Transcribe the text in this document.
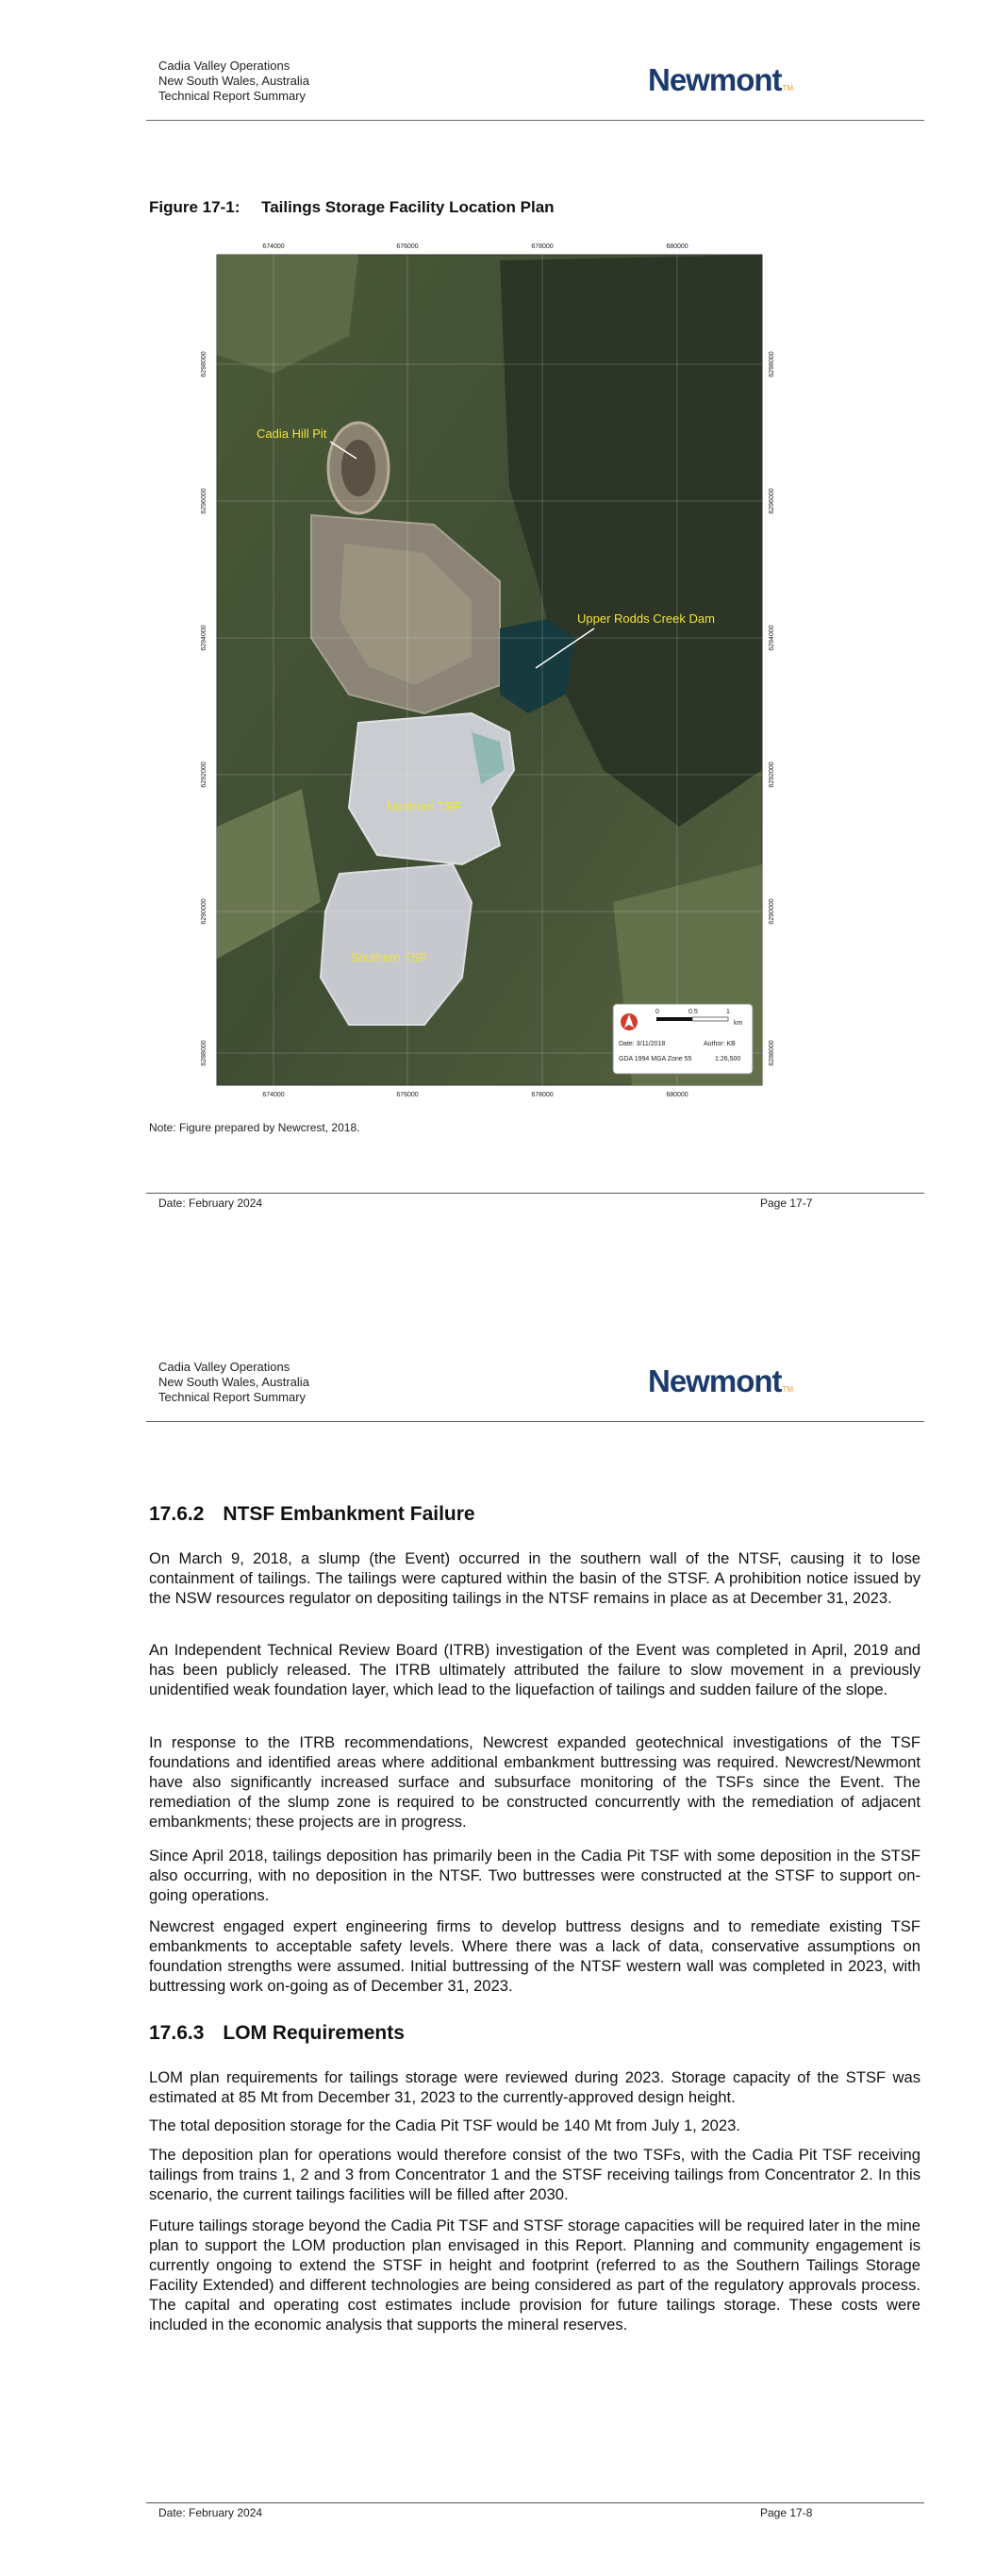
Cadia Valley Operations
New South Wales, Australia
Technical Report Summary	NewmontTM
Figure 17-1: Tailings Storage Facility Location Plan
674000	676000	678000	680000
Cadia Hill Pit
Upper Rodds Creek Dam
Northern TSF
Southern TSF
0	0.5	1
km
Date: 3/11/2018	Author: KB
GDA 1994 MGA Zone 55	1:26,500
674000	676000	678000	680000
6298000
6296000
6294000
6292000
6290000
6288000
6298000
6296000
6294000
6292000
6290000
6288000
Note: Figure prepared by Newcrest, 2018.
Date: February 2024	Page 17-7
Cadia Valley Operations
New South Wales, Australia
Technical Report Summary	NewmontTM
17.6.2 NTSF Embankment Failure
On March 9, 2018, a slump (the Event) occurred in the southern wall of the NTSF, causing it to lose containment of tailings. The tailings were captured within the basin of the STSF. A prohibition notice issued by the NSW resources regulator on depositing tailings in the NTSF remains in place as at December 31, 2023.
An Independent Technical Review Board (ITRB) investigation of the Event was completed in April, 2019 and has been publicly released. The ITRB ultimately attributed the failure to slow movement in a previously unidentified weak foundation layer, which lead to the liquefaction of tailings and sudden failure of the slope.
In response to the ITRB recommendations, Newcrest expanded geotechnical investigations of the TSF foundations and identified areas where additional embankment buttressing was required. Newcrest/Newmont have also significantly increased surface and subsurface monitoring of the TSFs since the Event. The remediation of the slump zone is required to be constructed concurrently with the remediation of adjacent embankments; these projects are in progress.
Since April 2018, tailings deposition has primarily been in the Cadia Pit TSF with some deposition in the STSF also occurring, with no deposition in the NTSF. Two buttresses were constructed at the STSF to support on-going operations.
Newcrest engaged expert engineering firms to develop buttress designs and to remediate existing TSF embankments to acceptable safety levels. Where there was a lack of data, conservative assumptions on foundation strengths were assumed. Initial buttressing of the NTSF western wall was completed in 2023, with buttressing work on-going as of December 31, 2023.
17.6.3 LOM Requirements
LOM plan requirements for tailings storage were reviewed during 2023. Storage capacity of the STSF was estimated at 85 Mt from December 31, 2023 to the currently-approved design height.
The total deposition storage for the Cadia Pit TSF would be 140 Mt from July 1, 2023.
The deposition plan for operations would therefore consist of the two TSFs, with the Cadia Pit TSF receiving tailings from trains 1, 2 and 3 from Concentrator 1 and the STSF receiving tailings from Concentrator 2. In this scenario, the current tailings facilities will be filled after 2030.
Future tailings storage beyond the Cadia Pit TSF and STSF storage capacities will be required later in the mine plan to support the LOM production plan envisaged in this Report. Planning and community engagement is currently ongoing to extend the STSF in height and footprint (referred to as the Southern Tailings Storage Facility Extended) and different technologies are being considered as part of the regulatory approvals process. The capital and operating cost estimates include provision for future tailings storage. These costs were included in the economic analysis that supports the mineral reserves.
Date: February 2024	Page 17-8
